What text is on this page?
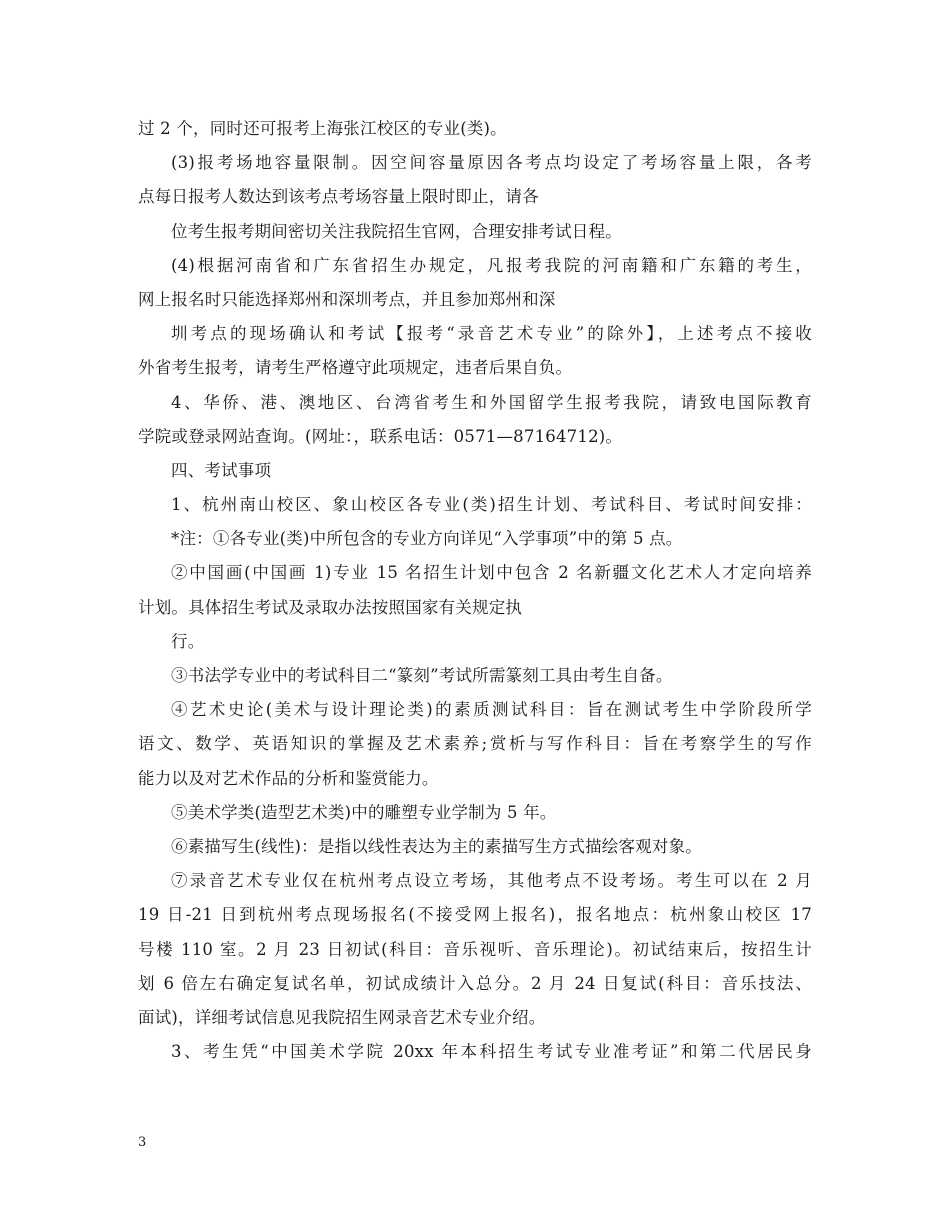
过 2 个，同时还可报考上海张江校区的专业(类)。
(3)报考场地容量限制。因空间容量原因各考点均设定了考场容量上限，各考
点每日报考人数达到该考点考场容量上限时即止，请各
位考生报考期间密切关注我院招生官网，合理安排考试日程。
(4)根据河南省和广东省招生办规定，凡报考我院的河南籍和广东籍的考生，
网上报名时只能选择郑州和深圳考点，并且参加郑州和深
圳考点的现场确认和考试【报考“录音艺术专业”的除外】，上述考点不接收
外省考生报考，请考生严格遵守此项规定，违者后果自负。
4、华侨、港、澳地区、台湾省考生和外国留学生报考我院，请致电国际教育
学院或登录网站查询。(网址：，联系电话：0571—87164712)。
四、考试事项
1、杭州南山校区、象山校区各专业(类)招生计划、考试科目、考试时间安排：
*注：①各专业(类)中所包含的专业方向详见“入学事项”中的第 5 点。
②中国画(中国画 1)专业 15 名招生计划中包含 2 名新疆文化艺术人才定向培养
计划。具体招生考试及录取办法按照国家有关规定执
行。
③书法学专业中的考试科目二“篆刻”考试所需篆刻工具由考生自备。
④艺术史论(美术与设计理论类)的素质测试科目：旨在测试考生中学阶段所学
语文、数学、英语知识的掌握及艺术素养;赏析与写作科目：旨在考察学生的写作
能力以及对艺术作品的分析和鉴赏能力。
⑤美术学类(造型艺术类)中的雕塑专业学制为 5 年。
⑥素描写生(线性)：是指以线性表达为主的素描写生方式描绘客观对象。
⑦录音艺术专业仅在杭州考点设立考场，其他考点不设考场。考生可以在 2 月
19 日-21 日到杭州考点现场报名(不接受网上报名)，报名地点：杭州象山校区 17
号楼 110 室。2 月 23 日初试(科目：音乐视听、音乐理论)。初试结束后，按招生计
划 6 倍左右确定复试名单，初试成绩计入总分。2 月 24 日复试(科目：音乐技法、
面试)，详细考试信息见我院招生网录音艺术专业介绍。
3、考生凭“中国美术学院 20xx 年本科招生考试专业准考证”和第二代居民身
3
